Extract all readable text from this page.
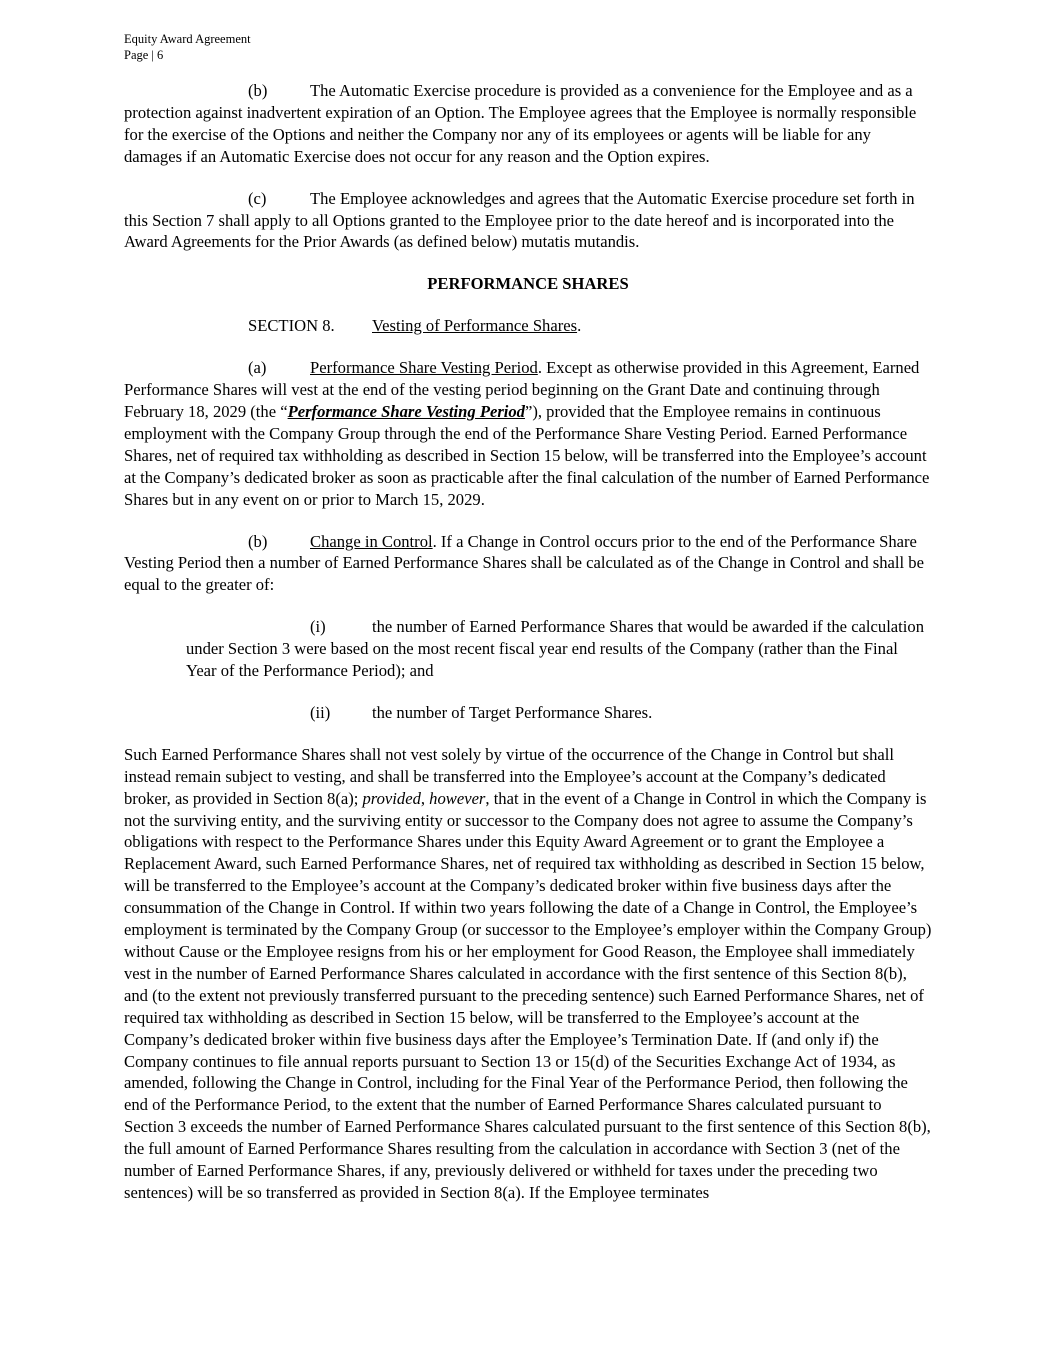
Equity Award Agreement
Page | 6

(b)	The Automatic Exercise procedure is provided as a convenience for the Employee and as a protection against inadvertent expiration of an Option. The Employee agrees that the Employee is normally responsible for the exercise of the Options and neither the Company nor any of its employees or agents will be liable for any damages if an Automatic Exercise does not occur for any reason and the Option expires.

(c)	The Employee acknowledges and agrees that the Automatic Exercise procedure set forth in this Section 7 shall apply to all Options granted to the Employee prior to the date hereof and is incorporated into the Award Agreements for the Prior Awards (as defined below) mutatis mutandis.

PERFORMANCE SHARES

SECTION 8. Vesting of Performance Shares.

(a)	Performance Share Vesting Period. Except as otherwise provided in this Agreement, Earned Performance Shares will vest at the end of the vesting period beginning on the Grant Date and continuing through February 18, 2029 (the “Performance Share Vesting Period”), provided that the Employee remains in continuous employment with the Company Group through the end of the Performance Share Vesting Period. Earned Performance Shares, net of required tax withholding as described in Section 15 below, will be transferred into the Employee’s account at the Company’s dedicated broker as soon as practicable after the final calculation of the number of Earned Performance Shares but in any event on or prior to March 15, 2029.

(b)	Change in Control. If a Change in Control occurs prior to the end of the Performance Share Vesting Period then a number of Earned Performance Shares shall be calculated as of the Change in Control and shall be equal to the greater of:

(i)	the number of Earned Performance Shares that would be awarded if the calculation under Section 3 were based on the most recent fiscal year end results of the Company (rather than the Final Year of the Performance Period); and

(ii)	the number of Target Performance Shares.

Such Earned Performance Shares shall not vest solely by virtue of the occurrence of the Change in Control but shall instead remain subject to vesting, and shall be transferred into the Employee’s account at the Company’s dedicated broker, as provided in Section 8(a); provided, however, that in the event of a Change in Control in which the Company is not the surviving entity, and the surviving entity or successor to the Company does not agree to assume the Company’s obligations with respect to the Performance Shares under this Equity Award Agreement or to grant the Employee a Replacement Award, such Earned Performance Shares, net of required tax withholding as described in Section 15 below, will be transferred to the Employee’s account at the Company’s dedicated broker within five business days after the consummation of the Change in Control. If within two years following the date of a Change in Control, the Employee’s employment is terminated by the Company Group (or successor to the Employee’s employer within the Company Group) without Cause or the Employee resigns from his or her employment for Good Reason, the Employee shall immediately vest in the number of Earned Performance Shares calculated in accordance with the first sentence of this Section 8(b), and (to the extent not previously transferred pursuant to the preceding sentence) such Earned Performance Shares, net of required tax withholding as described in Section 15 below, will be transferred to the Employee’s account at the Company’s dedicated broker within five business days after the Employee’s Termination Date. If (and only if) the Company continues to file annual reports pursuant to Section 13 or 15(d) of the Securities Exchange Act of 1934, as amended, following the Change in Control, including for the Final Year of the Performance Period, then following the end of the Performance Period, to the extent that the number of Earned Performance Shares calculated pursuant to Section 3 exceeds the number of Earned Performance Shares calculated pursuant to the first sentence of this Section 8(b), the full amount of Earned Performance Shares resulting from the calculation in accordance with Section 3 (net of the number of Earned Performance Shares, if any, previously delivered or withheld for taxes under the preceding two sentences) will be so transferred as provided in Section 8(a). If the Employee terminates
